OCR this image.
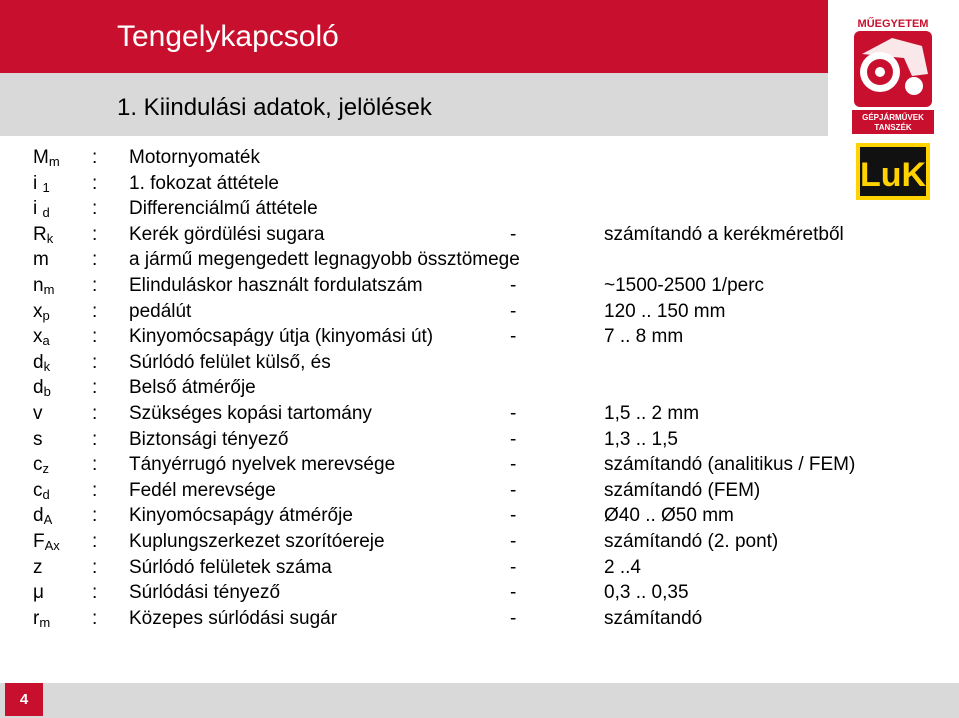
Tengelykapcsoló
1. Kiindulási adatok, jelölések
MŰEGYETEM
GÉPJÁRMŰVEK
TANSZÉK
LuK
$M_m$ : Motornyomaték
i $_1$ : 1. fokozat áttétele
i $_d$ : Differenciálmű áttétele
$R_k$ : Kerék gördülési sugara	-	számítandó a kerékméretből
m : a jármű megengedett legnagyobb össztömege
$n_m$ : Elinduláskor használt fordulatszám	-	~1500-2500 1/perc
$x_p$ : pedálút	-	120 .. 150 mm
$x_a$ : Kinyomócsapágy útja (kinyomási út)	-	7 .. 8 mm
$d_k$ : Súrlódó felület külső, és
$d_b$ : Belső átmérője
v	: Szükséges kopási tartomány	-	1,5 .. 2 mm
s	: Biztonsági tényező	-	1,3 .. 1,5
$c_z$ : Tányérrugó nyelvek merevsége	-	számítandó (analitikus / FEM)
$c_d$ : Fedél merevsége	-	számítandó (FEM)
$d_A$ : Kinyomócsapágy átmérője	-	Ø40 .. Ø50 mm
$F_{Ax}$ : Kuplungszerkezet szorítóereje	-	számítandó (2. pont)
z	: Súrlódó felületek száma	-	2 ..4
μ	: Súrlódási tényező	-	0,3 .. 0,35
$r_m$ : Közepes súrlódási sugár	-	számítandó
4
